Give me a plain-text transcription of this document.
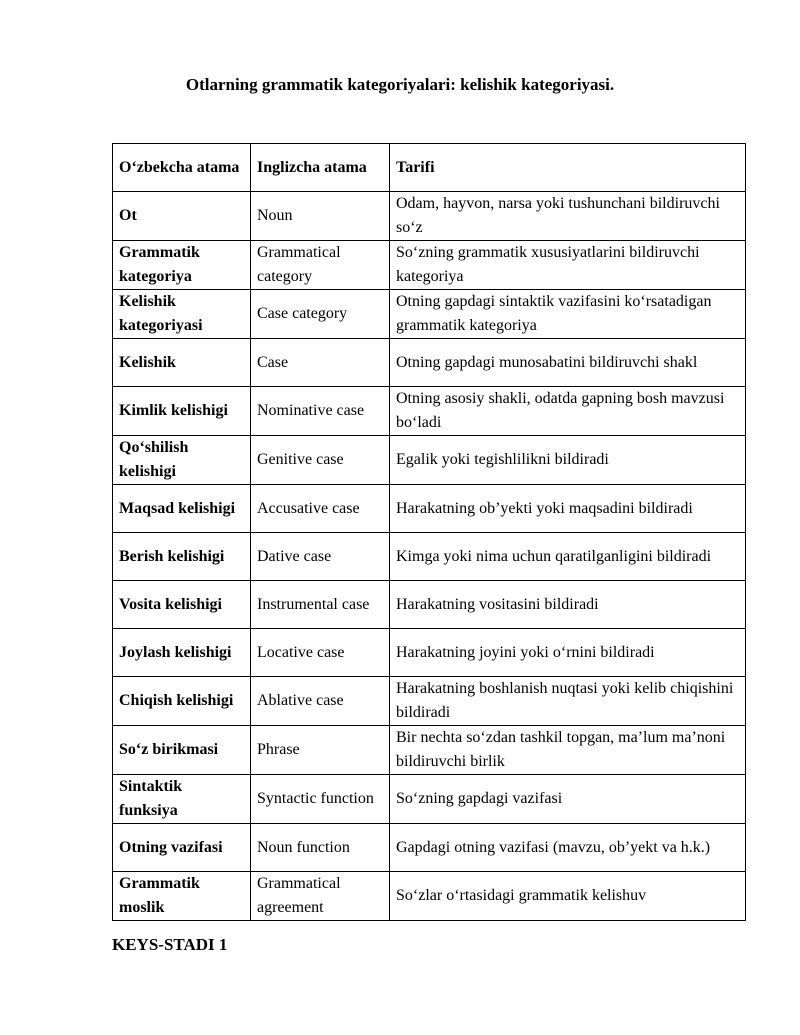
Otlarning grammatik kategoriyalari: kelishik kategoriyasi.
O‘zbekcha atama	Inglizcha atama	Tarifi
Ot	Noun	Odam, hayvon, narsa yoki tushunchani bildiruvchi so‘z
Grammatik kategoriya	Grammatical category	So‘zning grammatik xususiyatlarini bildiruvchi kategoriya
Kelishik kategoriyasi	Case category	Otning gapdagi sintaktik vazifasini ko‘rsatadigan grammatik kategoriya
Kelishik	Case	Otning gapdagi munosabatini bildiruvchi shakl
Kimlik kelishigi	Nominative case	Otning asosiy shakli, odatda gapning bosh mavzusi bo‘ladi
Qo‘shilish kelishigi	Genitive case	Egalik yoki tegishlilikni bildiradi
Maqsad kelishigi	Accusative case	Harakatning ob’yekti yoki maqsadini bildiradi
Berish kelishigi	Dative case	Kimga yoki nima uchun qaratilganligini bildiradi
Vosita kelishigi	Instrumental case	Harakatning vositasini bildiradi
Joylash kelishigi	Locative case	Harakatning joyini yoki o‘rnini bildiradi
Chiqish kelishigi	Ablative case	Harakatning boshlanish nuqtasi yoki kelib chiqishini bildiradi
So‘z birikmasi	Phrase	Bir nechta so‘zdan tashkil topgan, ma’lum ma’noni bildiruvchi birlik
Sintaktik funksiya	Syntactic function	So‘zning gapdagi vazifasi
Otning vazifasi	Noun function	Gapdagi otning vazifasi (mavzu, ob’yekt va h.k.)
Grammatik moslik	Grammatical agreement	So‘zlar o‘rtasidagi grammatik kelishuv
KEYS-STADI 1
